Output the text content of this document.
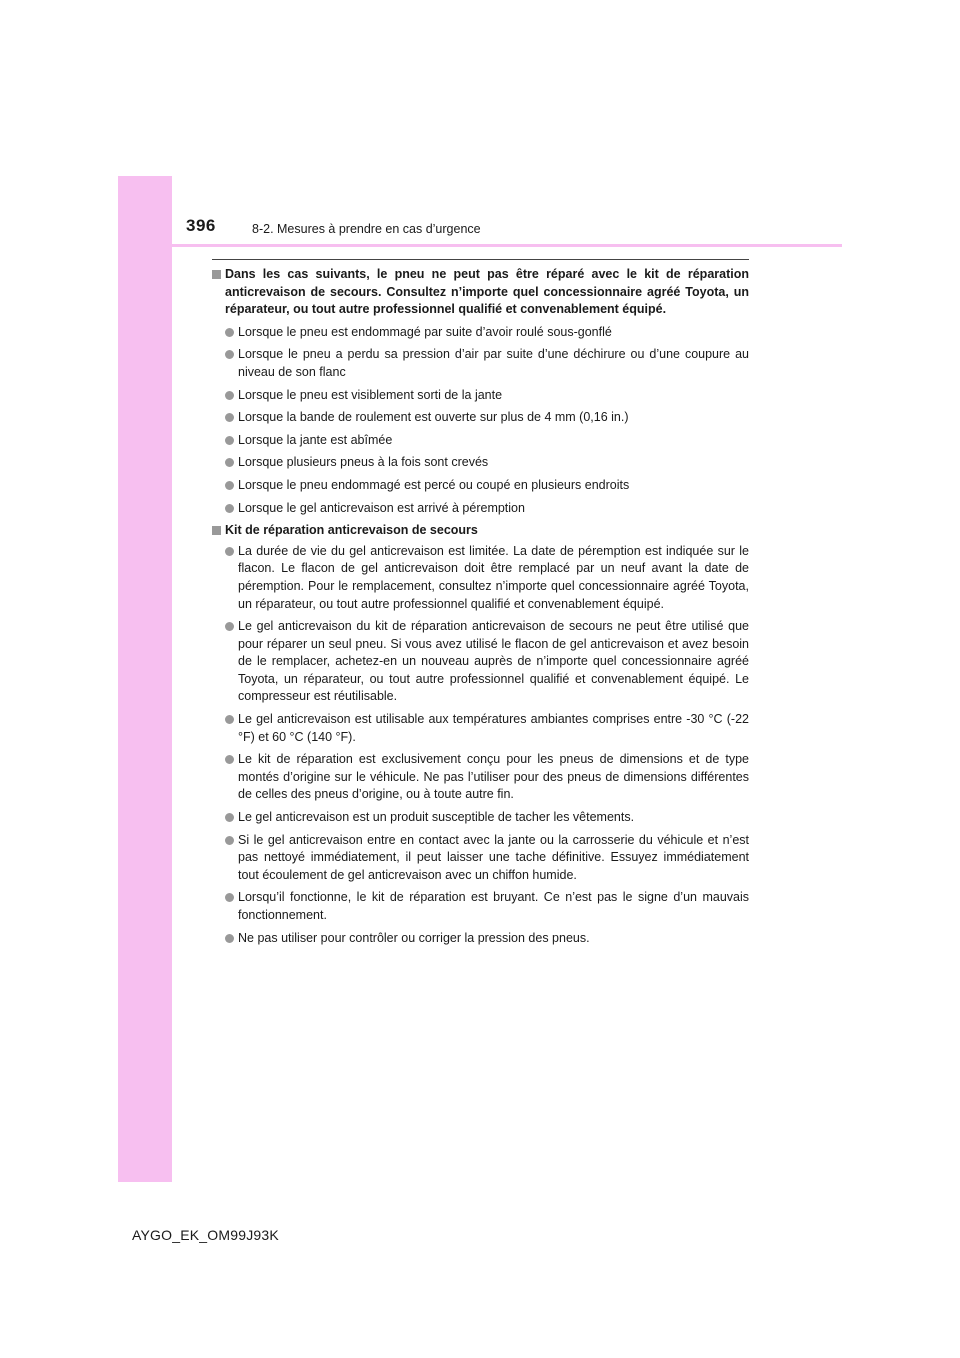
396	8-2. Mesures à prendre en cas d’urgence
Dans les cas suivants, le pneu ne peut pas être réparé avec le kit de réparation anticrevaison de secours. Consultez n’importe quel concessionnaire agréé Toyota, un réparateur, ou tout autre professionnel qualifié et convenablement équipé.
Lorsque le pneu est endommagé par suite d’avoir roulé sous-gonflé
Lorsque le pneu a perdu sa pression d’air par suite d’une déchirure ou d’une coupure au niveau de son flanc
Lorsque le pneu est visiblement sorti de la jante
Lorsque la bande de roulement est ouverte sur plus de 4 mm (0,16 in.)
Lorsque la jante est abîmée
Lorsque plusieurs pneus à la fois sont crevés
Lorsque le pneu endommagé est percé ou coupé en plusieurs endroits
Lorsque le gel anticrevaison est arrivé à péremption
Kit de réparation anticrevaison de secours
La durée de vie du gel anticrevaison est limitée. La date de péremption est indiquée sur le flacon. Le flacon de gel anticrevaison doit être remplacé par un neuf avant la date de péremption. Pour le remplacement, consultez n’importe quel concessionnaire agréé Toyota, un réparateur, ou tout autre professionnel qualifié et convenablement équipé.
Le gel anticrevaison du kit de réparation anticrevaison de secours ne peut être utilisé que pour réparer un seul pneu. Si vous avez utilisé le flacon de gel anticrevaison et avez besoin de le remplacer, achetez-en un nouveau auprès de n’importe quel concessionnaire agréé Toyota, un réparateur, ou tout autre professionnel qualifié et convenablement équipé. Le compresseur est réutilisable.
Le gel anticrevaison est utilisable aux températures ambiantes comprises entre -30 °C (-22 °F) et 60 °C (140 °F).
Le kit de réparation est exclusivement conçu pour les pneus de dimensions et de type montés d’origine sur le véhicule. Ne pas l’utiliser pour des pneus de dimensions différentes de celles des pneus d’origine, ou à toute autre fin.
Le gel anticrevaison est un produit susceptible de tacher les vêtements.
Si le gel anticrevaison entre en contact avec la jante ou la carrosserie du véhicule et n’est pas nettoyé immédiatement, il peut laisser une tache définitive. Essuyez immédiatement tout écoulement de gel anticrevaison avec un chiffon humide.
Lorsqu’il fonctionne, le kit de réparation est bruyant. Ce n’est pas le signe d’un mauvais fonctionnement.
Ne pas utiliser pour contrôler ou corriger la pression des pneus.
AYGO_EK_OM99J93K
